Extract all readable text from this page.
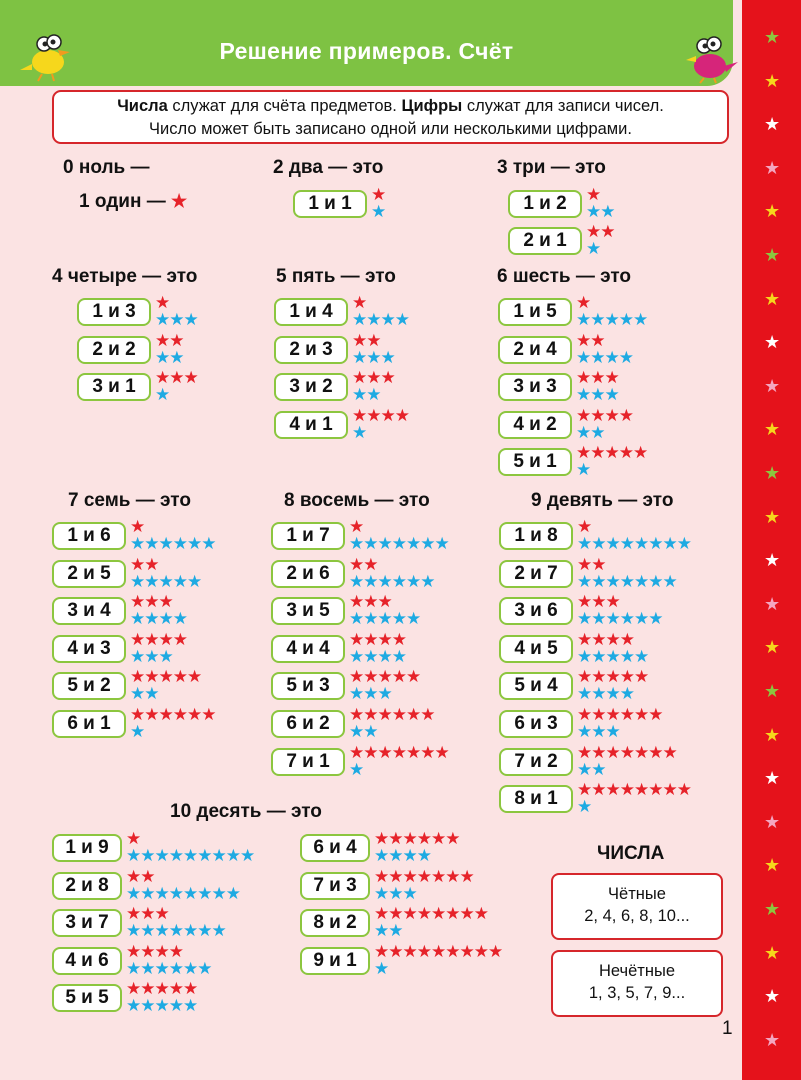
Решение примеров. Счёт
★
★
★
★
★
★
★
★
★
★
★
★
★
★
★
★
★
★
★
★
★
★
★
★
Числа служат для счёта предметов. Цифры служат для записи чисел.
Число может быть записано одной или несколькими цифрами.
0 ноль —
1 один — ★
2 два — это
1 и 1	★
★
3 три — это
1 и 2	★
★★
2 и 1	★★
★
4 четыре — это
1 и 3	★
★★★
2 и 2	★★
★★
3 и 1	★★★
★
5 пять — это
1 и 4	★
★★★★
2 и 3	★★
★★★
3 и 2	★★★
★★
4 и 1	★★★★
★
6 шесть — это
1 и 5	★
★★★★★
2 и 4	★★
★★★★
3 и 3	★★★
★★★
4 и 2	★★★★
★★
5 и 1	★★★★★
★
7 семь — это
1 и 6	★
★★★★★★
2 и 5	★★
★★★★★
3 и 4	★★★
★★★★
4 и 3	★★★★
★★★
5 и 2	★★★★★
★★
6 и 1	★★★★★★
★
8 восемь — это
1 и 7	★
★★★★★★★
2 и 6	★★
★★★★★★
3 и 5	★★★
★★★★★
4 и 4	★★★★
★★★★
5 и 3	★★★★★
★★★
6 и 2	★★★★★★
★★
7 и 1	★★★★★★★
★
9 девять — это
1 и 8	★
★★★★★★★★
2 и 7	★★
★★★★★★★
3 и 6	★★★
★★★★★★
4 и 5	★★★★
★★★★★
5 и 4	★★★★★
★★★★
6 и 3	★★★★★★
★★★
7 и 2	★★★★★★★
★★
8 и 1	★★★★★★★★
★
10 десять — это
1 и 9	★
★★★★★★★★★
2 и 8	★★
★★★★★★★★
3 и 7	★★★
★★★★★★★
4 и 6	★★★★
★★★★★★
5 и 5	★★★★★
★★★★★
6 и 4	★★★★★★
★★★★
7 и 3	★★★★★★★
★★★
8 и 2	★★★★★★★★
★★
9 и 1	★★★★★★★★★
★
ЧИСЛА
Чётные
2, 4, 6, 8, 10...
Нечётные
1, 3, 5, 7, 9...
1
